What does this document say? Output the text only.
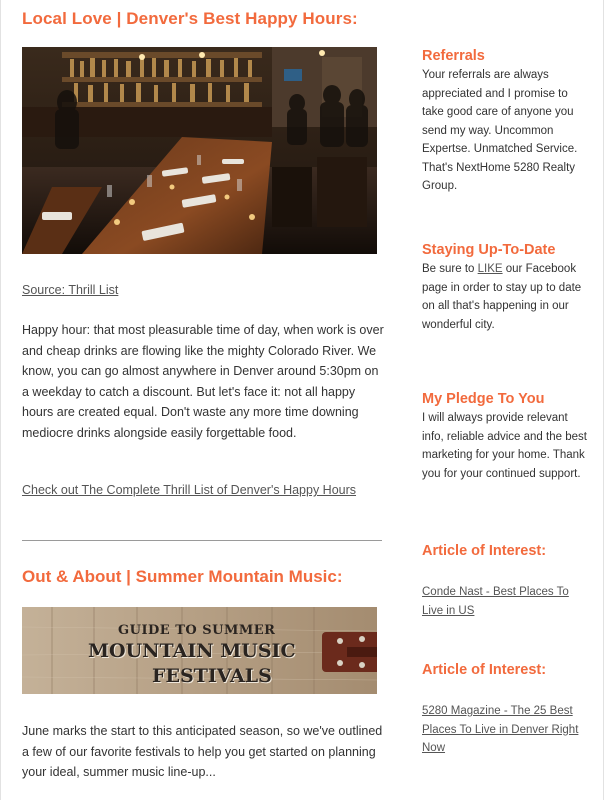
Local Love | Denver's Best Happy Hours:
Source: Thrill List
Happy hour: that most pleasurable time of day, when work is over and cheap drinks are flowing like the mighty Colorado River. We know, you can go almost anywhere in Denver around 5:30pm on a weekday to catch a discount. But let's face it: not all happy hours are created equal. Don't waste any more time downing mediocre drinks alongside easily forgettable food.
Check out The Complete Thrill List of Denver's Happy Hours
Out & About | Summer Mountain Music:
GUIDE TO SUMMER
MOUNTAIN MUSIC
FESTIVALS
June marks the start to this anticipated season, so we've outlined a few of our favorite festivals to help you get started on planning your ideal, summer music line-up...
Referrals
Your referrals are always appreciated and I promise to take good care of anyone you send my way. Uncommon Expertse. Unmatched Service. That's NextHome 5280 Realty Group.
Staying Up-To-Date
Be sure to LIKE our Facebook page in order to stay up to date on all that's happening in our wonderful city.
My Pledge To You
I will always provide relevant info, reliable advice and the best marketing for your home. Thank you for your continued support.
Article of Interest:
Conde Nast - Best Places To Live in US
Article of Interest:
5280 Magazine - The 25 Best Places To Live in Denver Right Now
